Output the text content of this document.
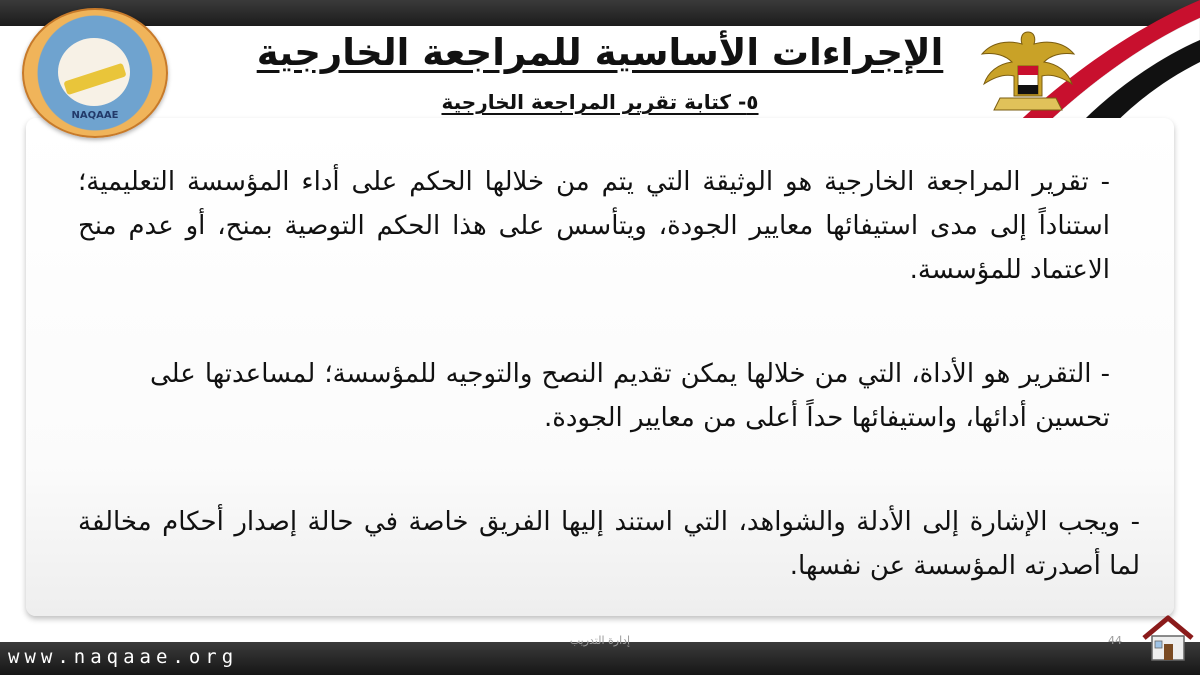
NAQAAE
الإجراءات الأساسية للمراجعة الخارجية
٥- كتابة تقرير المراجعة الخارجية
- تقرير المراجعة الخارجية هو الوثيقة التي يتم من خلالها الحكم على أداء المؤسسة التعليمية؛ استناداً إلى مدى استيفائها معايير الجودة، ويتأسس على هذا الحكم التوصية بمنح، أو عدم منح الاعتماد للمؤسسة.
- التقرير هو الأداة، التي من خلالها يمكن تقديم النصح والتوجيه للمؤسسة؛ لمساعدتها على تحسين أدائها، واستيفائها حداً أعلى من معايير الجودة.
- ويجب الإشارة إلى الأدلة والشواهد، التي استند إليها الفريق خاصة في حالة إصدار أحكام مخالفة لما أصدرته المؤسسة عن نفسها.
www.naqaae.org
إدارة التدريب	44
